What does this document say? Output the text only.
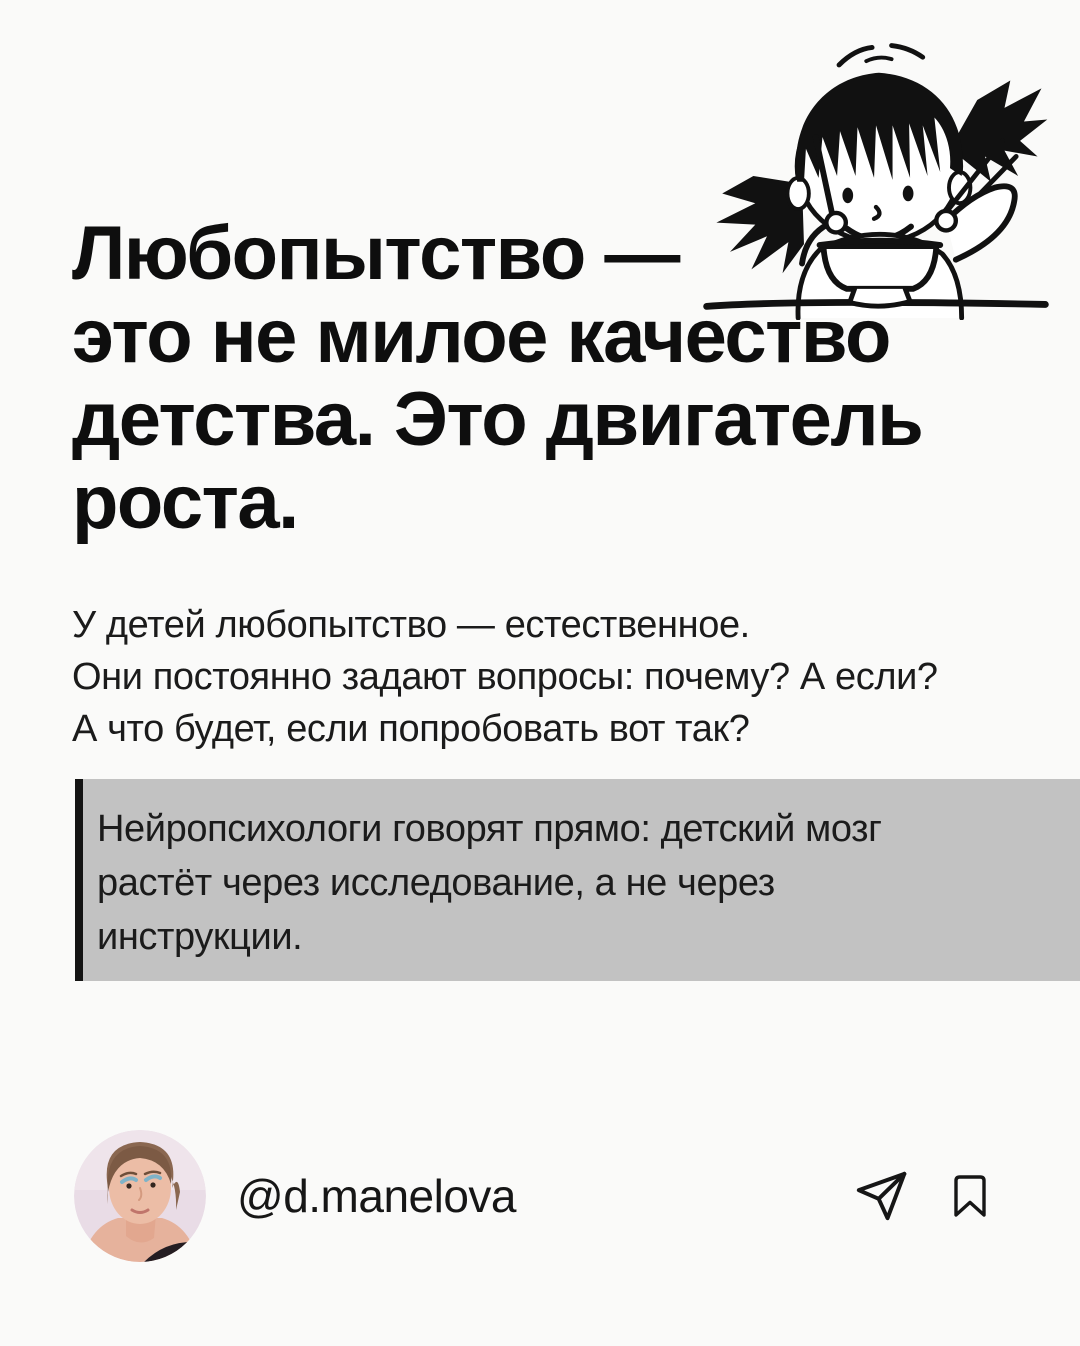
Любопытство —
это не милое качество
детства. Это двигатель
роста.
У детей любопытство — естественное.
Они постоянно задают вопросы: почему? А если?
А что будет, если попробовать вот так?
Нейропсихологи говорят прямо: детский мозг
растёт через исследование, а не через
инструкции.
@d.manelova
